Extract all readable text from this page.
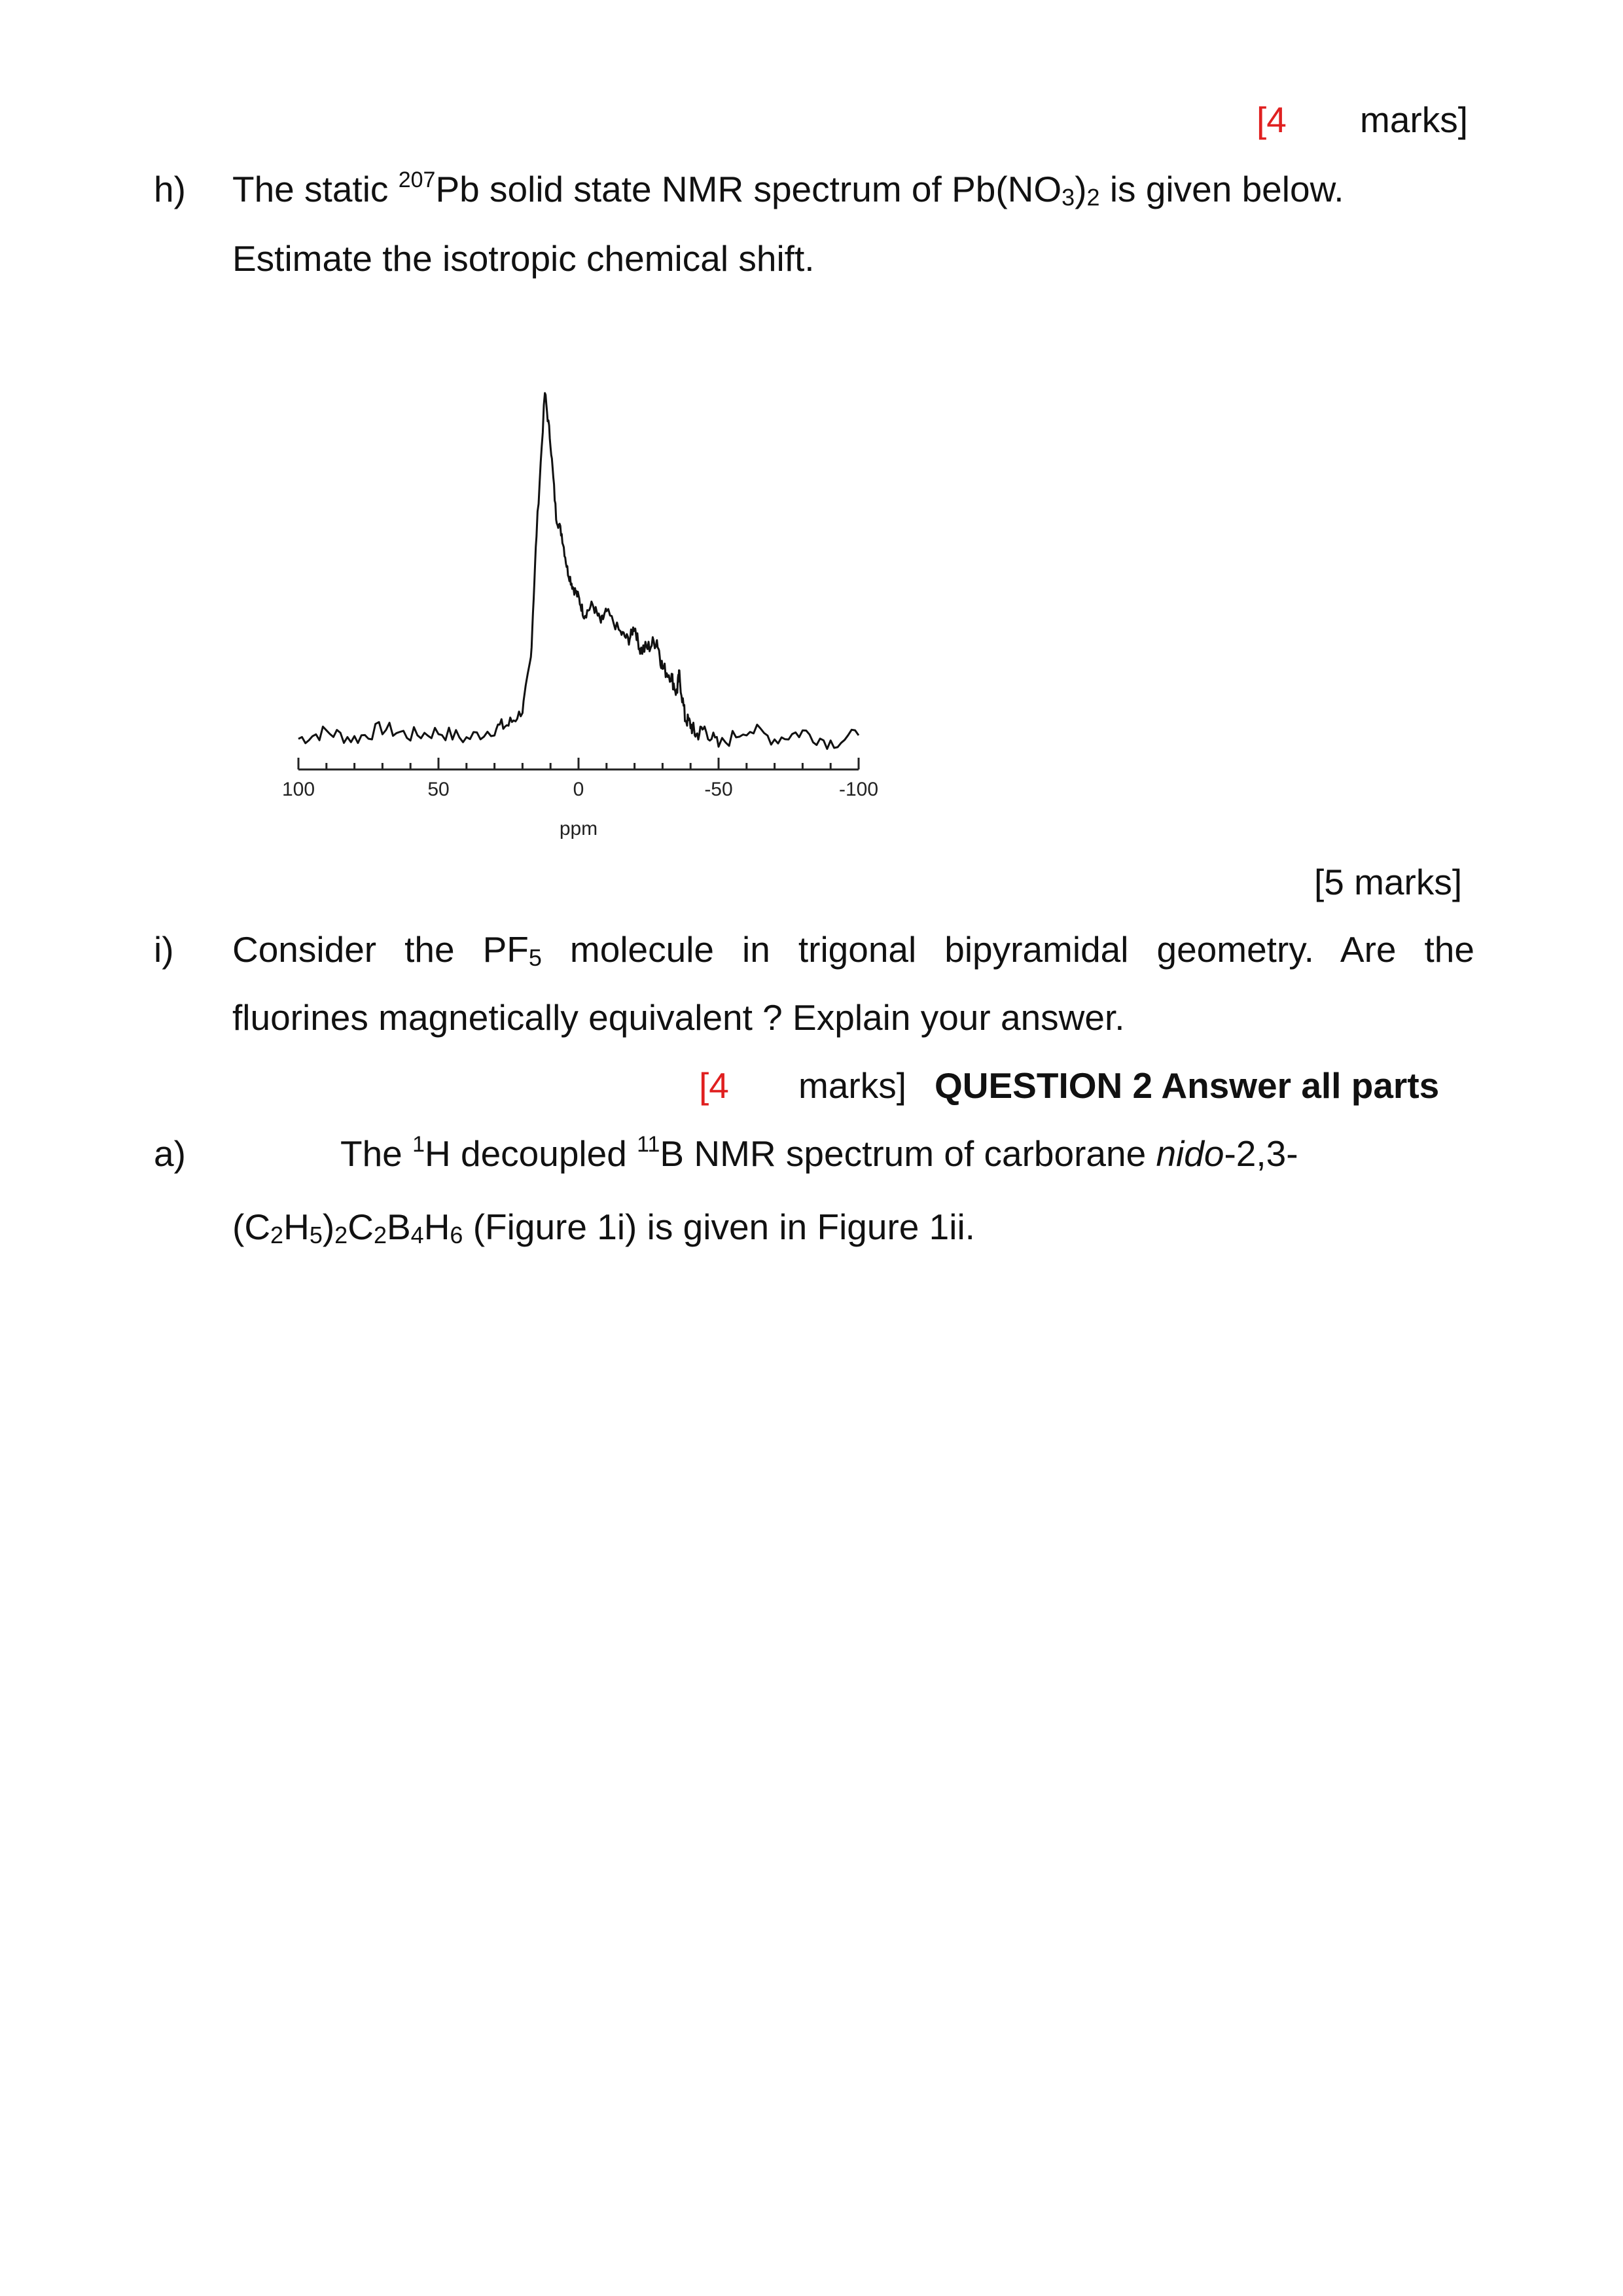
[4 marks]
h) The static $^{207}$Pb solid state NMR spectrum of $Pb(NO_3)_2$ is given below.
Estimate the isotropic chemical shift.
100	50	0	-50	-100
ppm
[5 marks]
i) Consider the $PF_5$ molecule in trigonal bipyramidal geometry. Are the
fluorines magnetically equivalent ? Explain your answer.
[4 marks] QUESTION 2 Answer all parts
a)	The $^1$H decoupled $^{11}$B NMR spectrum of carborane nido-2,3-
$(C_2H_5)_2C_2B_4H_6$ (Figure 1i) is given in Figure 1ii.
